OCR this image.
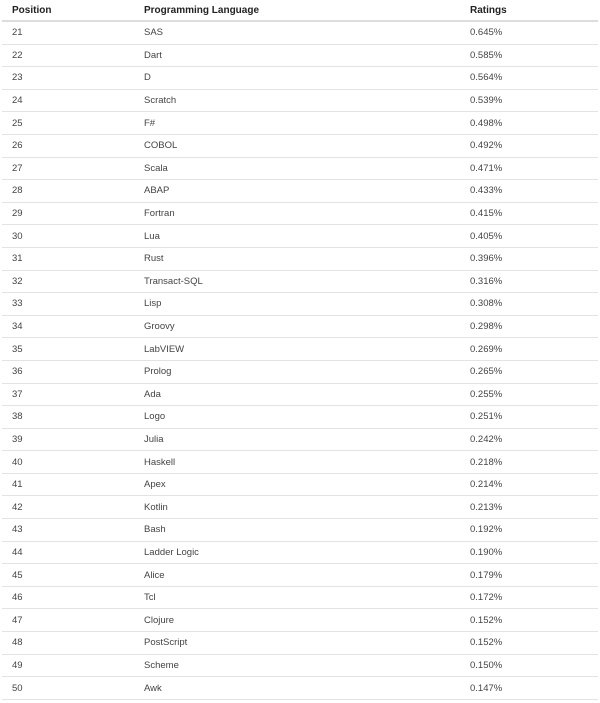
Position	Programming Language	Ratings
21	SAS	0.645%
22	Dart	0.585%
23	D	0.564%
24	Scratch	0.539%
25	F#	0.498%
26	COBOL	0.492%
27	Scala	0.471%
28	ABAP	0.433%
29	Fortran	0.415%
30	Lua	0.405%
31	Rust	0.396%
32	Transact-SQL	0.316%
33	Lisp	0.308%
34	Groovy	0.298%
35	LabVIEW	0.269%
36	Prolog	0.265%
37	Ada	0.255%
38	Logo	0.251%
39	Julia	0.242%
40	Haskell	0.218%
41	Apex	0.214%
42	Kotlin	0.213%
43	Bash	0.192%
44	Ladder Logic	0.190%
45	Alice	0.179%
46	Tcl	0.172%
47	Clojure	0.152%
48	PostScript	0.152%
49	Scheme	0.150%
50	Awk	0.147%
